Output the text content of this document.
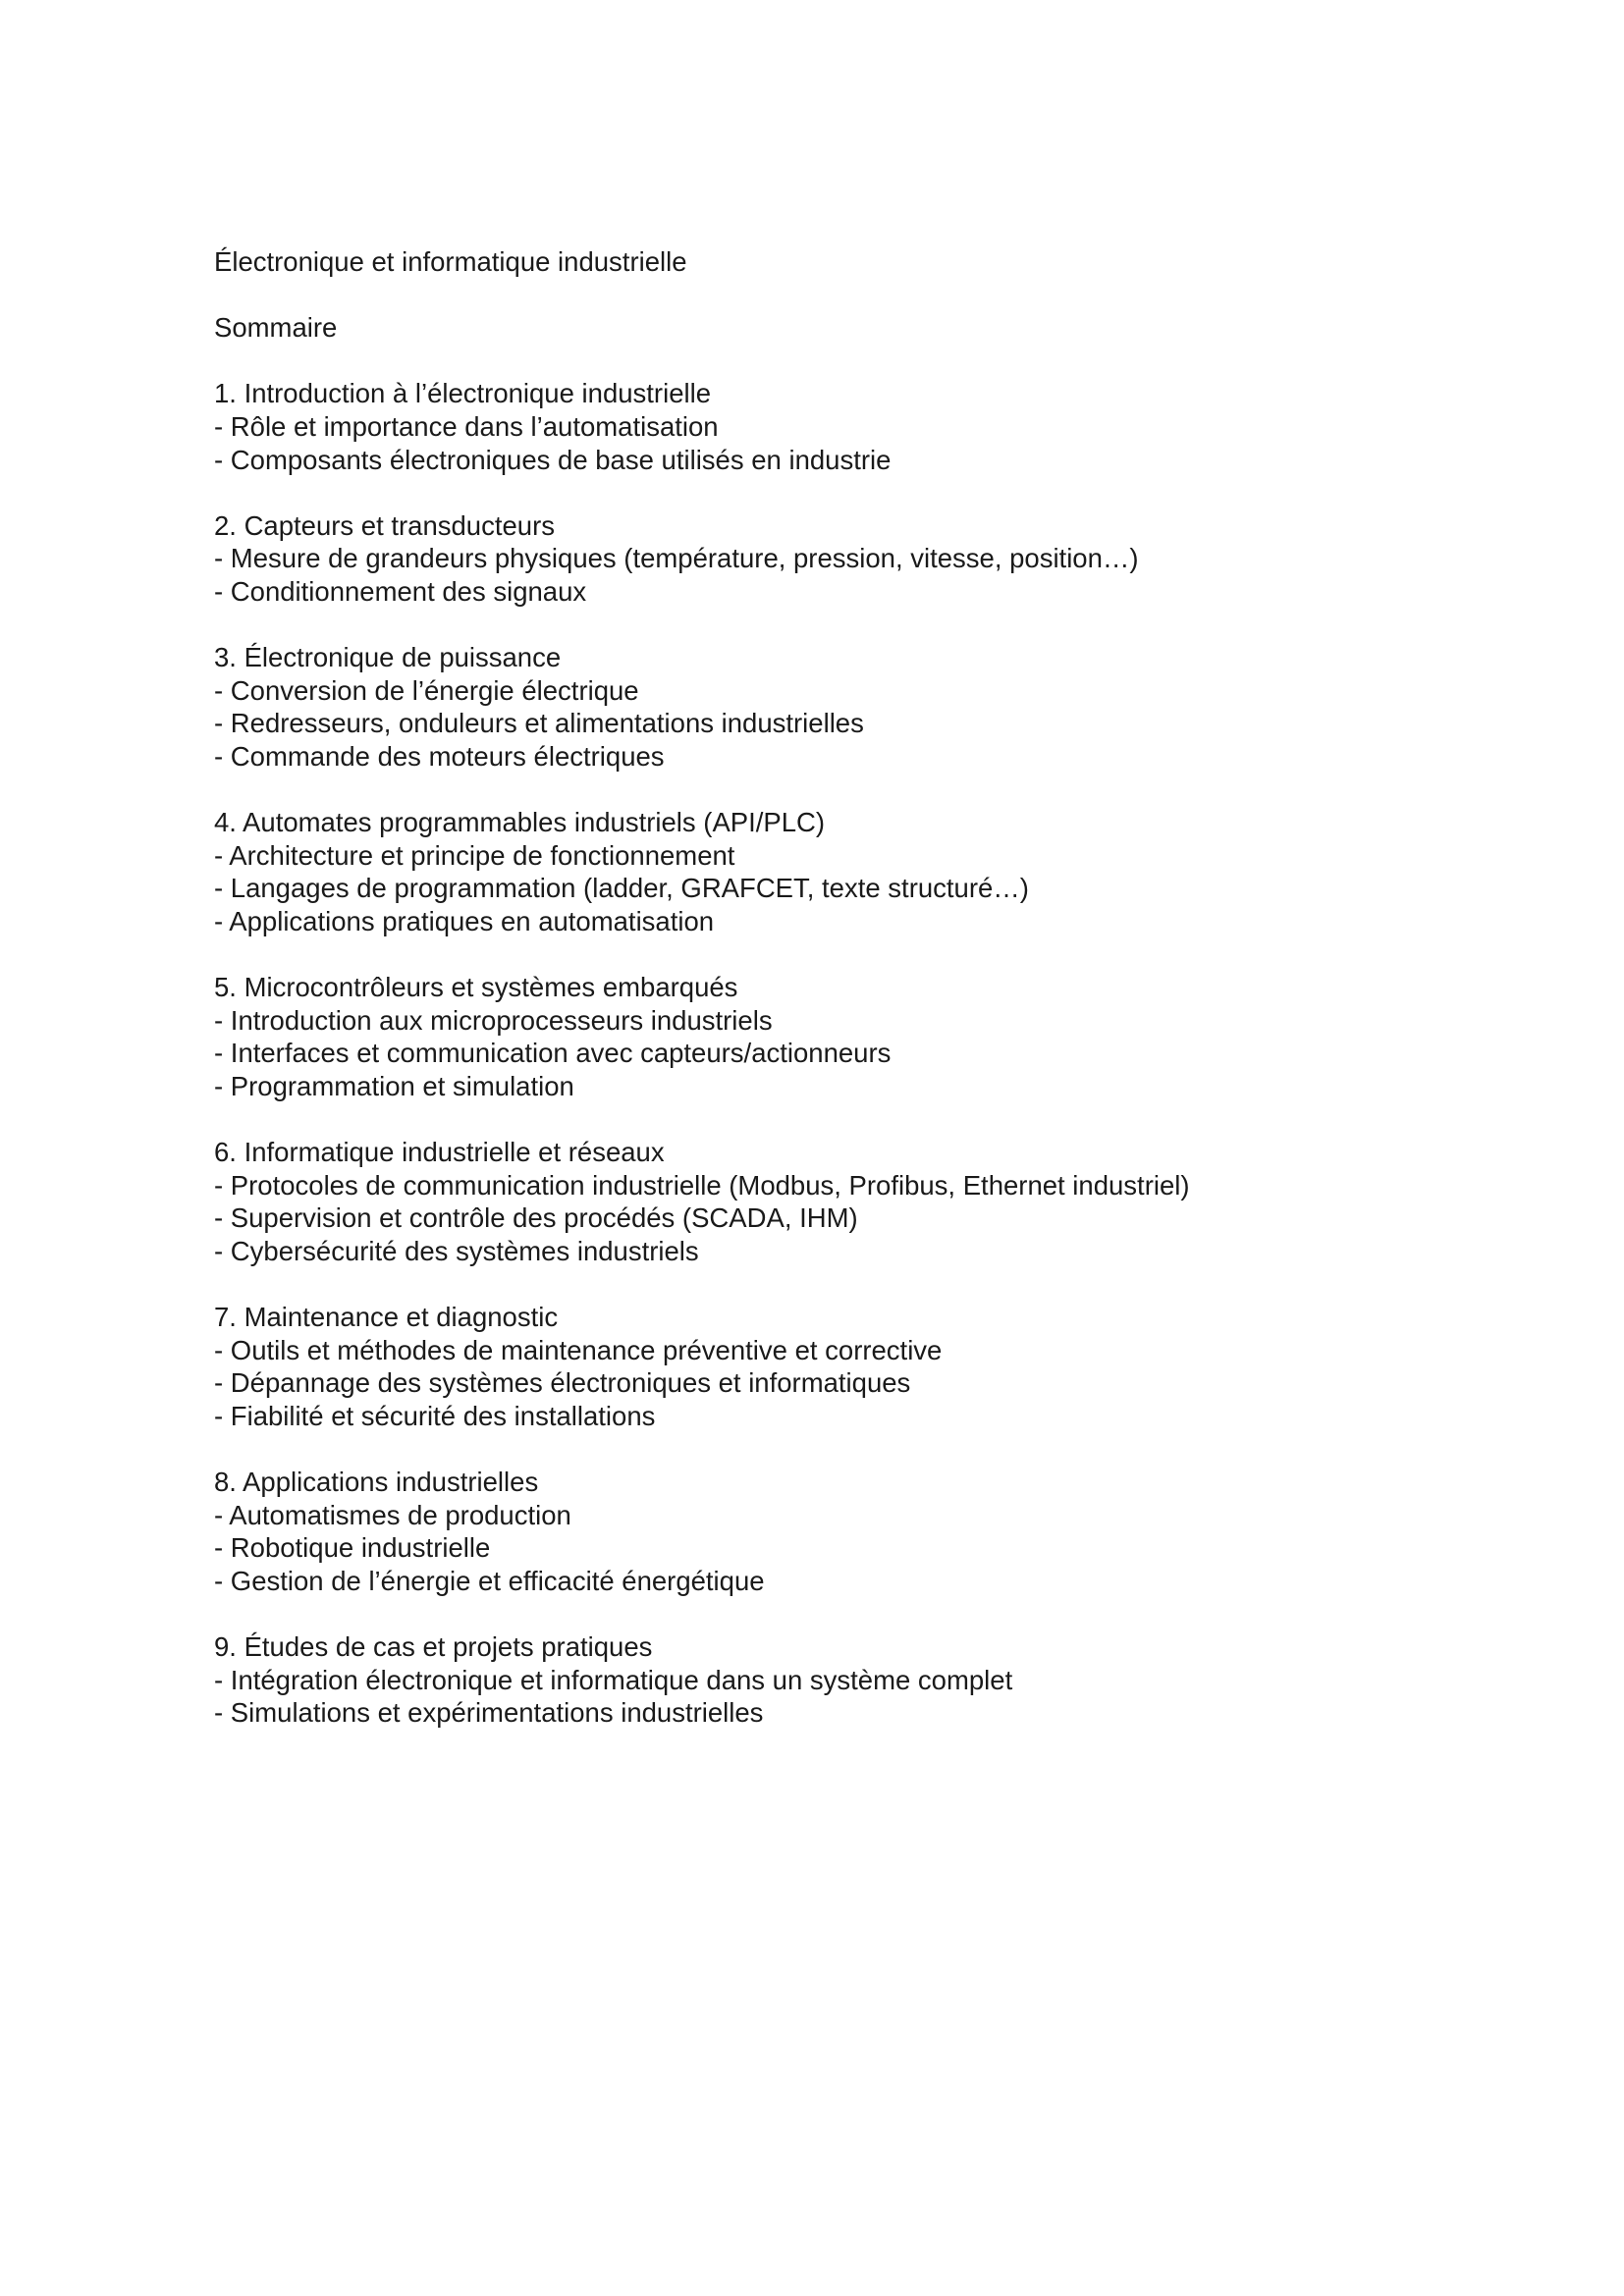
Électronique et informatique industrielle

Sommaire

1. Introduction à l’électronique industrielle

- Rôle et importance dans l’automatisation

- Composants électroniques de base utilisés en industrie

2. Capteurs et transducteurs

- Mesure de grandeurs physiques (température, pression, vitesse, position…)

- Conditionnement des signaux

3. Électronique de puissance

- Conversion de l’énergie électrique

- Redresseurs, onduleurs et alimentations industrielles

- Commande des moteurs électriques

4. Automates programmables industriels (API/PLC)

- Architecture et principe de fonctionnement

- Langages de programmation (ladder, GRAFCET, texte structuré…)

- Applications pratiques en automatisation

5. Microcontrôleurs et systèmes embarqués

- Introduction aux microprocesseurs industriels

- Interfaces et communication avec capteurs/actionneurs

- Programmation et simulation

6. Informatique industrielle et réseaux

- Protocoles de communication industrielle (Modbus, Profibus, Ethernet industriel)

- Supervision et contrôle des procédés (SCADA, IHM)

- Cybersécurité des systèmes industriels

7. Maintenance et diagnostic

- Outils et méthodes de maintenance préventive et corrective

- Dépannage des systèmes électroniques et informatiques

- Fiabilité et sécurité des installations

8. Applications industrielles

- Automatismes de production

- Robotique industrielle

- Gestion de l’énergie et efficacité énergétique

9. Études de cas et projets pratiques

- Intégration électronique et informatique dans un système complet

- Simulations et expérimentations industrielles
